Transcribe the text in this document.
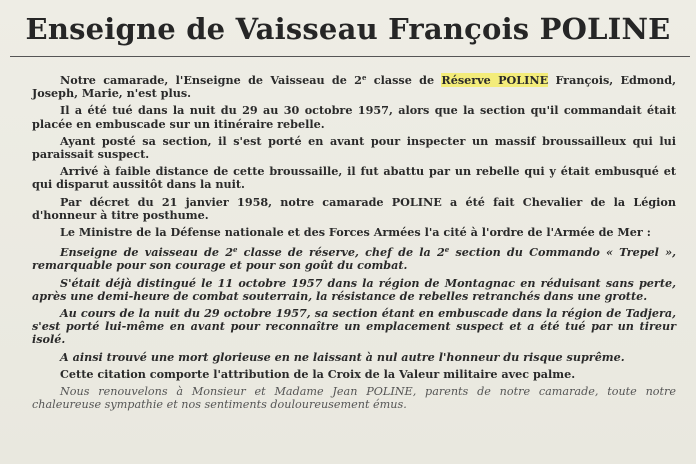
Enseigne de Vaisseau François POLINE

Notre camarade, l'Enseigne de Vaisseau de 2e classe de Réserve POLINE François, Edmond, Joseph, Marie, n'est plus.

Il a été tué dans la nuit du 29 au 30 octobre 1957, alors que la section qu'il commandait était placée en embuscade sur un itinéraire rebelle.

Ayant posté sa section, il s'est porté en avant pour inspecter un massif broussailleux qui lui paraissait suspect.

Arrivé à faible distance de cette broussaille, il fut abattu par un rebelle qui y était embusqué et qui disparut aussitôt dans la nuit.

Par décret du 21 janvier 1958, notre camarade POLINE a été fait Chevalier de la Légion d'honneur à titre posthume.

Le Ministre de la Défense nationale et des Forces Armées l'a cité à l'ordre de l'Armée de Mer :

Enseigne de vaisseau de 2e classe de réserve, chef de la 2e section du Commando « Trepel », remarquable pour son courage et pour son goût du combat.

S'était déjà distingué le 11 octobre 1957 dans la région de Montagnac en réduisant sans perte, après une demi-heure de combat souterrain, la résistance de rebelles retranchés dans une grotte.

Au cours de la nuit du 29 octobre 1957, sa section étant en embuscade dans la région de Tadjera, s'est porté lui-même en avant pour reconnaître un emplacement suspect et a été tué par un tireur isolé.

A ainsi trouvé une mort glorieuse en ne laissant à nul autre l'honneur du risque suprême.

Cette citation comporte l'attribution de la Croix de la Valeur militaire avec palme.

Nous renouvelons à Monsieur et Madame Jean POLINE, parents de notre camarade, toute notre chaleureuse sympathie et nos sentiments douloureusement émus.
